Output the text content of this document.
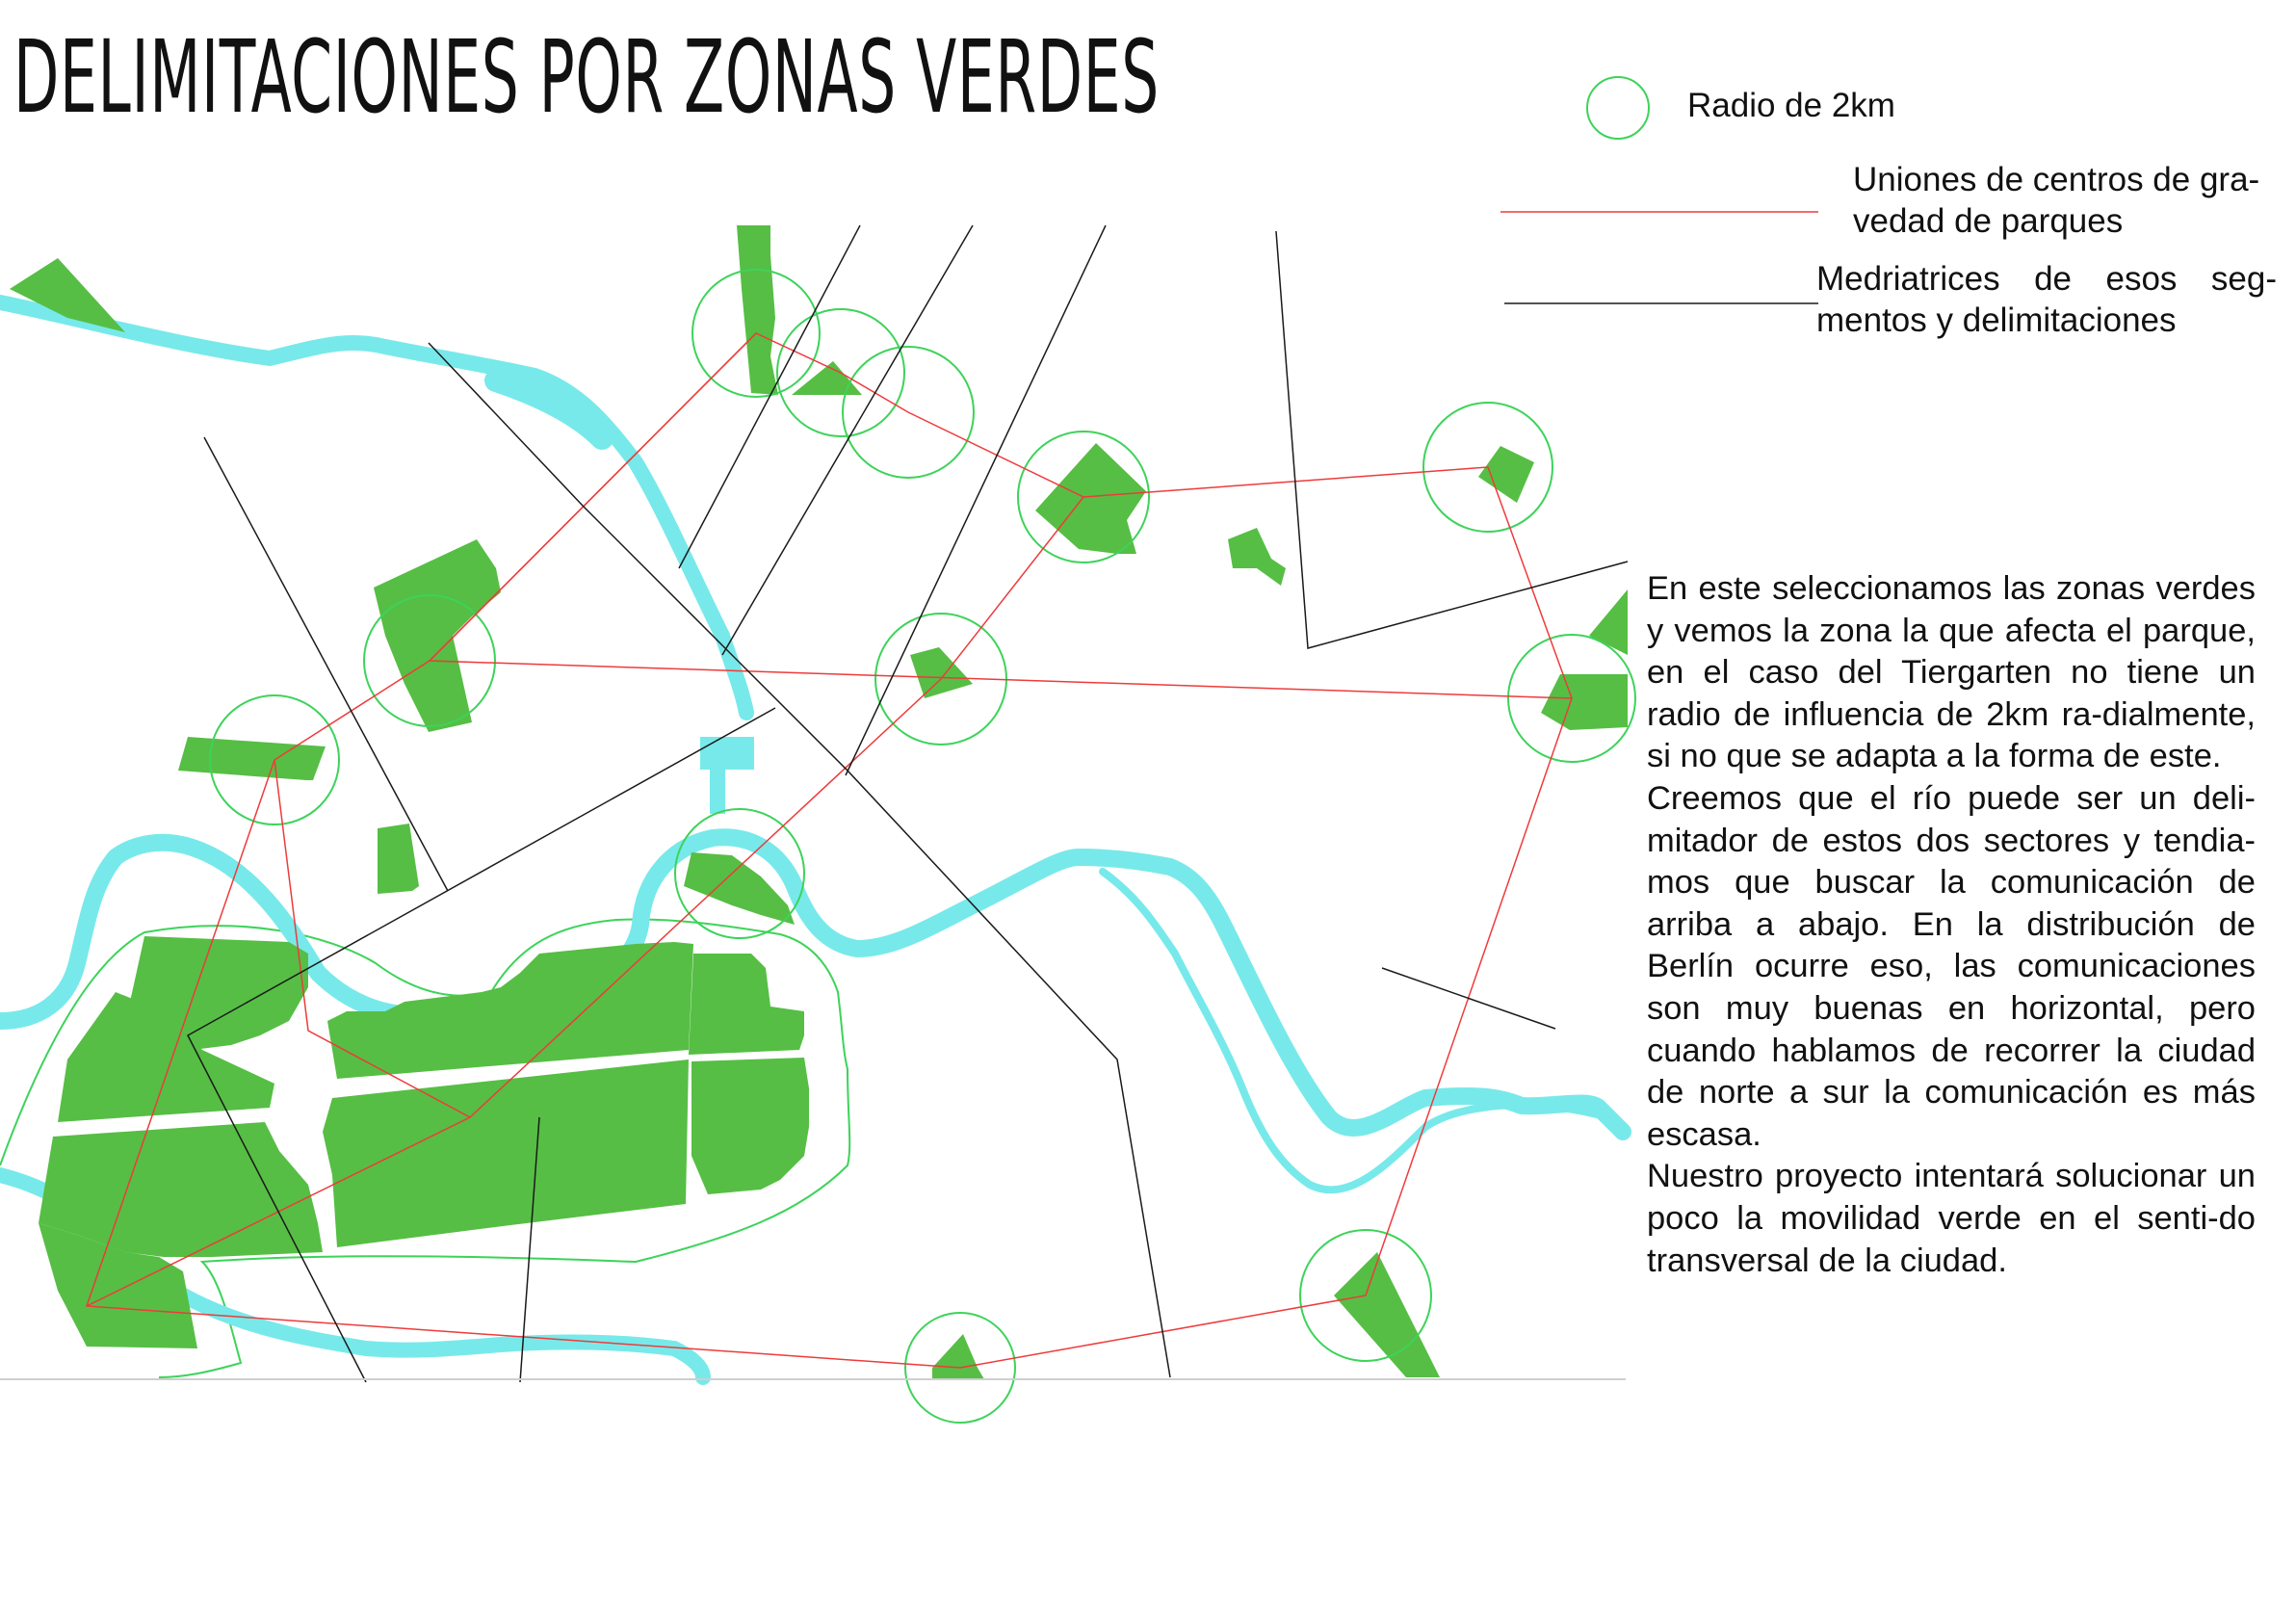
DELIMITACIONES POR ZONAS VERDES	Radio de 2km
Uniones de centros de gra-vedad de parques
Medriatrices de esos seg-mentos y delimitaciones

En este seleccionamos las zonas verdes y vemos la zona la que afecta el parque, en el caso del Tiergarten no tiene un radio de influencia de 2km ra-dialmente, si no que se adapta a la forma de este.

Creemos que el río puede ser un deli-mitador de estos dos sectores y tendia-mos que buscar la comunicación de arriba a abajo. En la distribución de Berlín ocurre eso, las comunicaciones son muy buenas en horizontal, pero cuando hablamos de recorrer la ciudad de norte a sur la comunicación es más escasa.

Nuestro proyecto intentará solucionar un poco la movilidad verde en el senti-do transversal de la ciudad.
